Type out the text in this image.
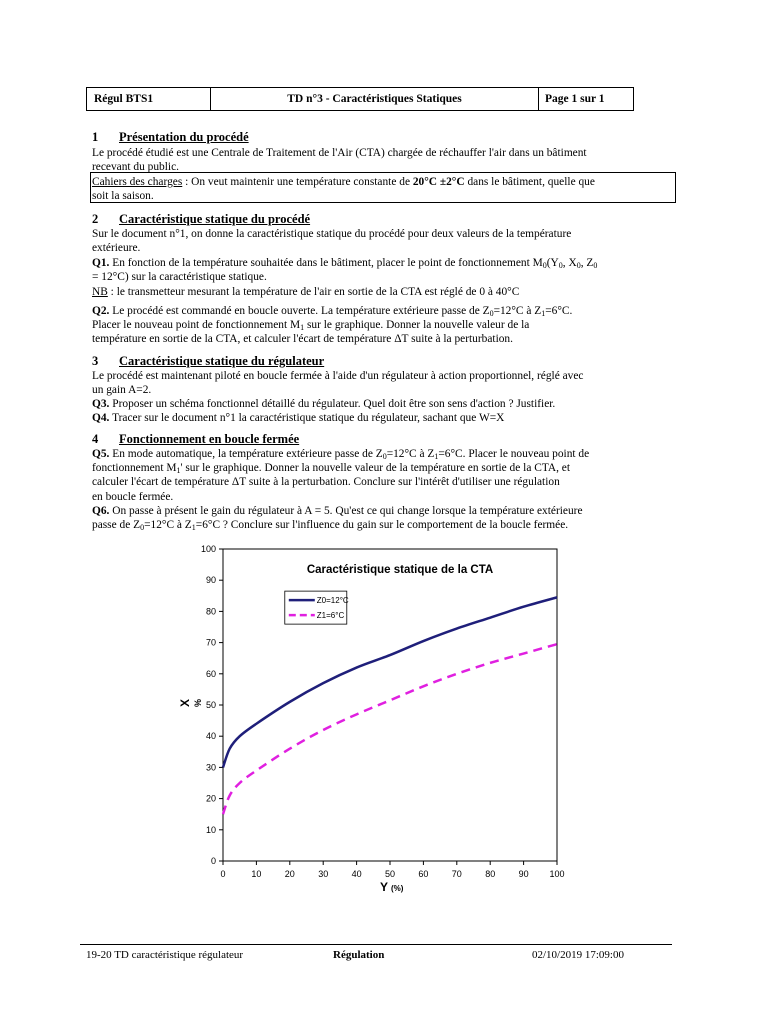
Régul BTS1	TD n°3 - Caractéristiques Statiques	Page 1 sur 1
1 Présentation du procédé
Le procédé étudié est une Centrale de Traitement de l'Air (CTA) chargée de réchauffer l'air dans un bâtiment
recevant du public.
Cahiers des charges : On veut maintenir une température constante de 20°C ±2°C dans le bâtiment, quelle que
soit la saison.
2 Caractéristique statique du procédé
Sur le document n°1, on donne la caractéristique statique du procédé pour deux valeurs de la température
extérieure.
Q1. En fonction de la température souhaitée dans le bâtiment, placer le point de fonctionnement $M_0(Y_0$, $X_0$, $Z_0$
= 12°C) sur la caractéristique statique.
NB : le transmetteur mesurant la température de l'air en sortie de la CTA est réglé de 0 à 40°C
Q2. Le procédé est commandé en boucle ouverte. La température extérieure passe de $Z_0=12^\circ C$ à $Z_1=6^\circ C$.
Placer le nouveau point de fonctionnement $M_1$ sur le graphique. Donner la nouvelle valeur de la
température en sortie de la CTA, et calculer l'écart de température ΔT suite à la perturbation.
3 Caractéristique statique du régulateur
Le procédé est maintenant piloté en boucle fermée à l'aide d'un régulateur à action proportionnel, réglé avec
un gain A=2.
Q3. Proposer un schéma fonctionnel détaillé du régulateur. Quel doit être son sens d'action ? Justifier.
Q4. Tracer sur le document n°1 la caractéristique statique du régulateur, sachant que W=X
4 Fonctionnement en boucle fermée
Q5. En mode automatique, la température extérieure passe de $Z_0=12^\circ C$ à $Z_1=6^\circ C$. Placer le nouveau point de
fonctionnement $M_1'$ sur le graphique. Donner la nouvelle valeur de la température en sortie de la CTA, et
calculer l'écart de température ΔT suite à la perturbation. Conclure sur l'intérêt d'utiliser une régulation
en boucle fermée.
Q6. On passe à présent le gain du régulateur à A = 5. Qu'est ce qui change lorsque la température extérieure
passe de $Z_0=12^\circ C$ à $Z_1=6^\circ C$ ? Conclure sur l'influence du gain sur le comportement de la boucle fermée.
0	10	20	30	40	50	60	70	80	90 100
0
10
20
30
40
50
60
70
80
90
100
Y (%)
X %
Caractéristique statique de la CTA
Z0=12°C
Z1=6°C
19-20 TD caractéristique régulateur	Régulation	02/10/2019 17:09:00
